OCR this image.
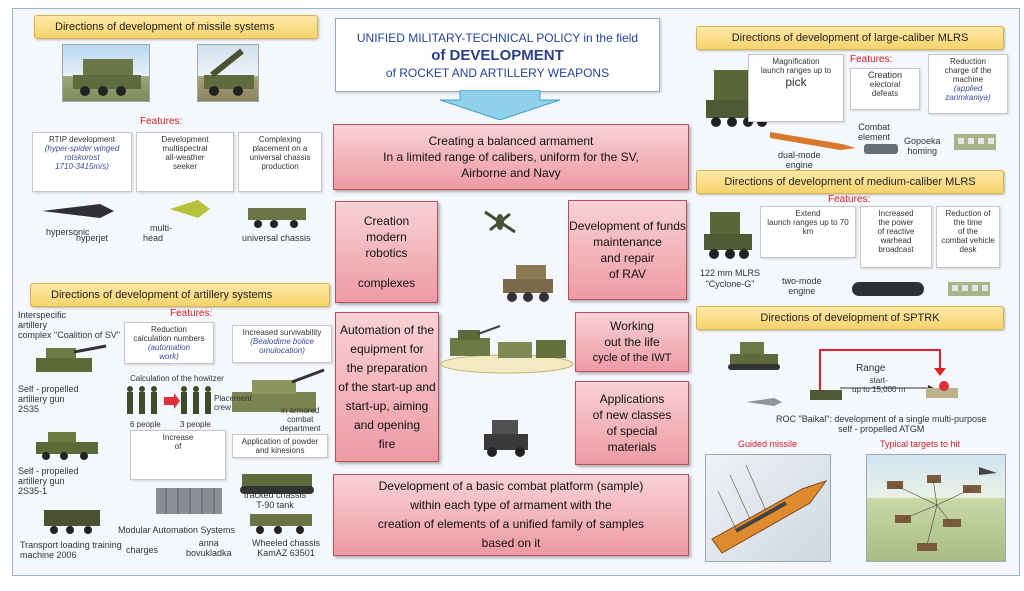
UNIFIED MILITARY-TECHNICAL POLICY in the field
of DEVELOPMENT
of ROCKET AND ARTILLERY WEAPONS
Creating a balanced armament
In a limited range of calibers, uniform for the SV,
Airborne and Navy
Creation
modern
robotics
complexes
Development of funds
maintenance
and repair
of RAV
Automation of the
equipment for
the preparation
of the start-up and
start-up, aiming
and opening
fire
Working
out the life
cycle of the IWT
Applications
of new classes
of special
materials
Development of a basic combat platform (sample)
within each type of armament with the
creation of elements of a unified family of samples
based on it
Directions of development of missile systems
Features:
RTIP development
(hyper-spider winged
rotskorost
1710-3415m/s)
Development
multispectral
all-weather
seeker
Complexing
placement on a
universal chassis
production
hypersonic
hyperjet
multi-
head	universal chassis
Directions of development of artillery systems
Interspecific
artillery
complex "Coalition of SV"
Features:
Reduction
calculation numbers
(automation
work)
Increased survivability
(Bealodime bolice
omulocation)
Self - propelled
artillery gun
2S35
Calculation of the howitzer
6 people 3 people
Placement
crew	in armored
combat
department
Self - propelled
artillery gun
2S35-1
Increase
of
Application of powder
and kinesions
Transport loading training
machine 2006
Modular Automation Systems
charges
anna
bovukladka
tracked chassis
T-90 tank
Wheeled chassis
KamAZ 63501
Directions of development of large-caliber MLRS
Features:
Magnification
launch ranges up to
pick	Creation
electoral
defeats
Reduction
charge of the
machine
(applied
zarimkaniya)
dual-mode
engine
Combat
element Gopoeka
homing
Directions of development of medium-caliber MLRS
Features:
Extend
launch ranges up to 70 km
Increased
the power
of reactive
warhead
broadcast
Reduction of
the time
of the
combat vehicle
desk
122 mm MLRS
"Cyclone-G"	two-mode
engine
Directions of development of SPTRK
Range
start-
up to 15,000 m
ROC "Baikal": development of a single multi-purpose
self - propelled ATGM
Guided missile	Typical targets to hit
